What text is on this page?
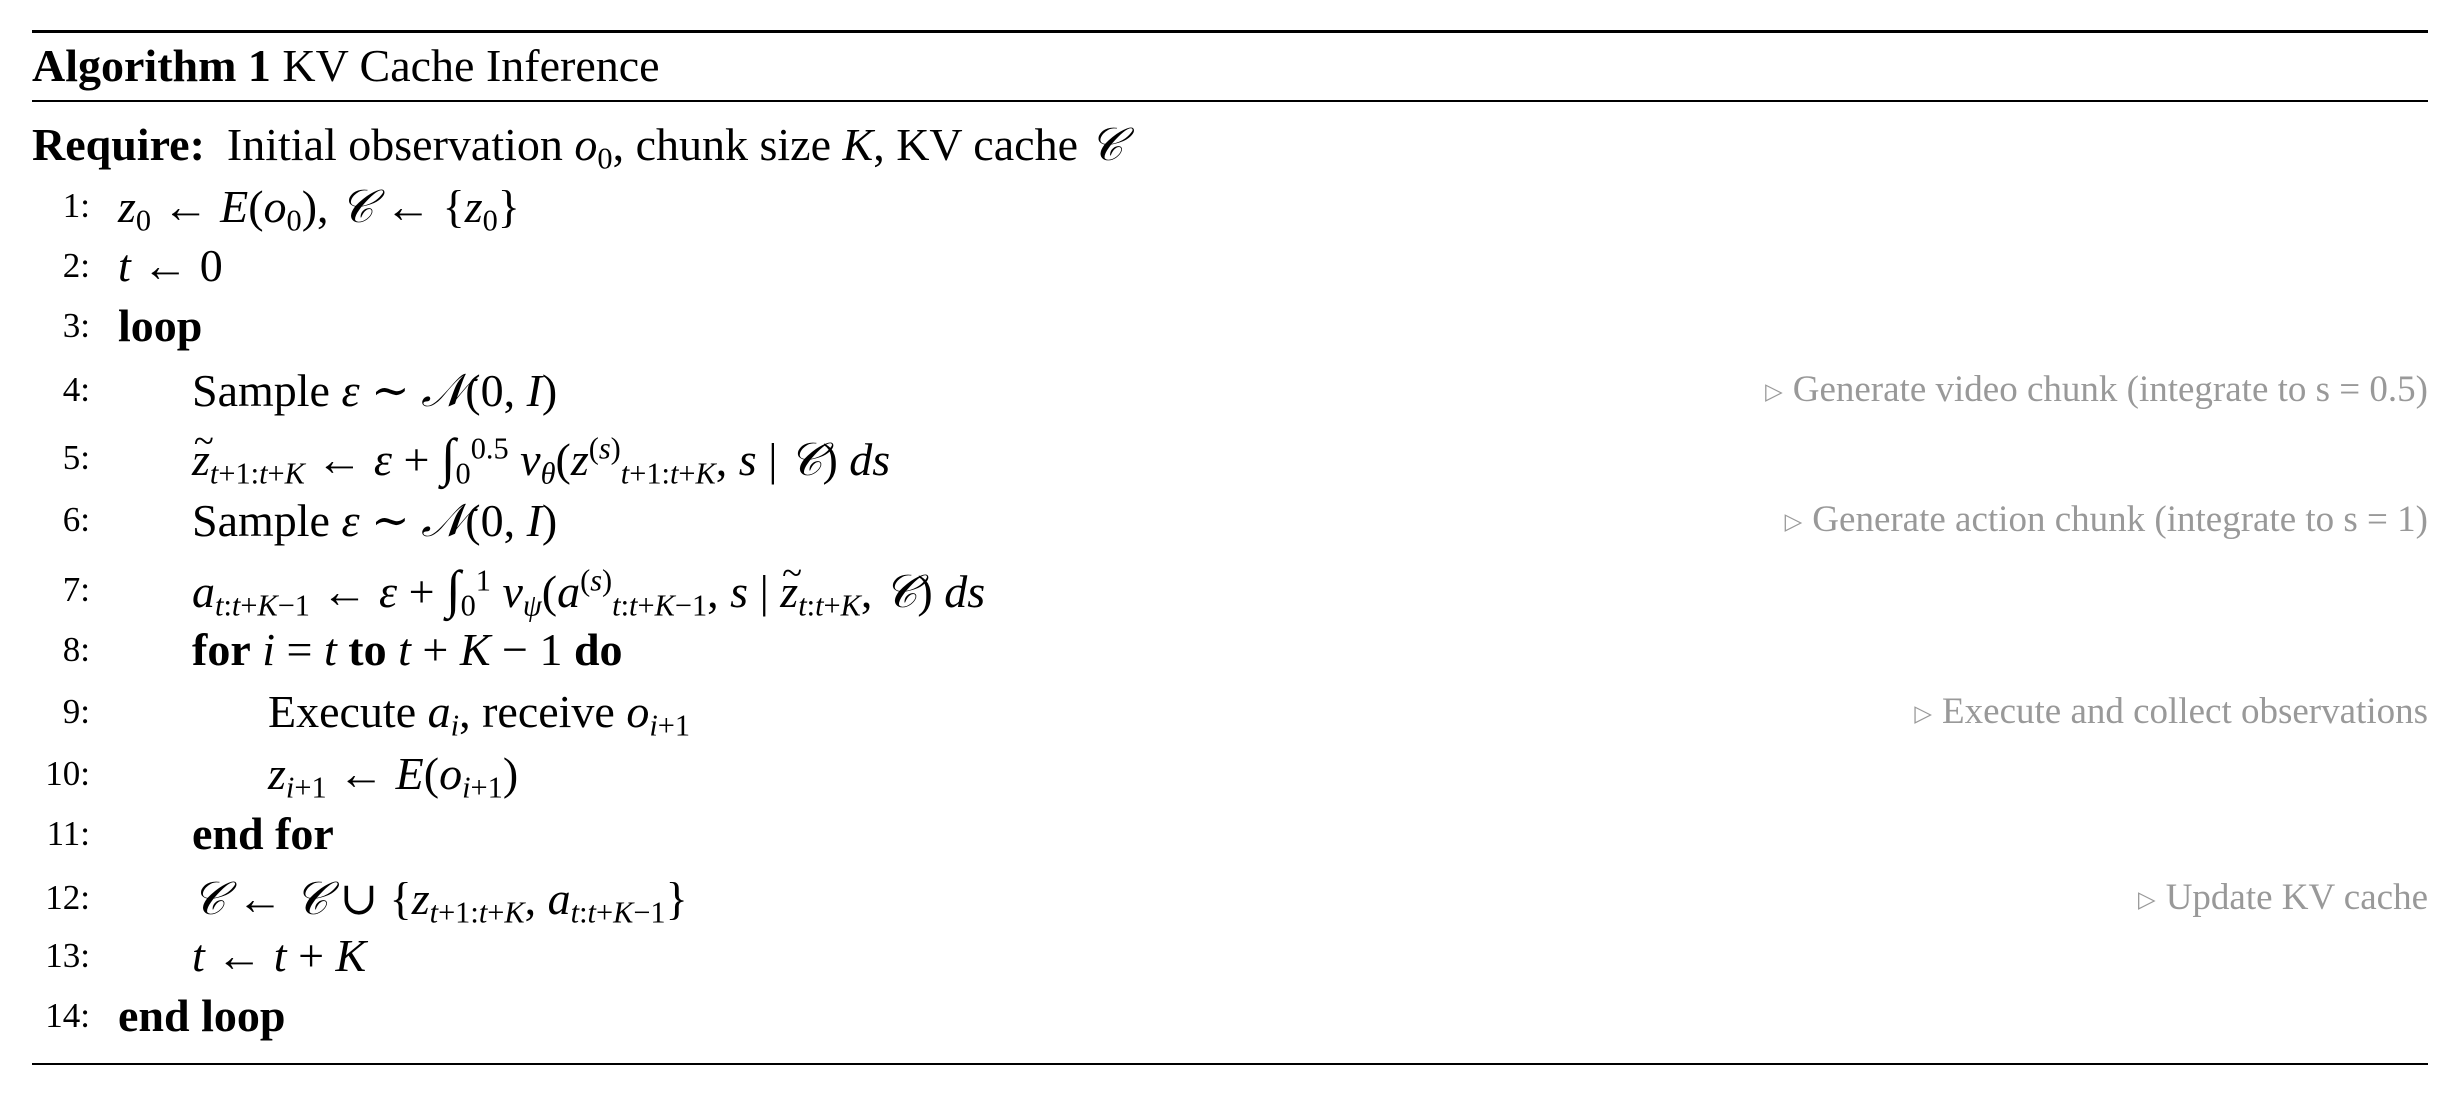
Algorithm 1 KV Cache Inference
Require: Initial observation $o_0$, chunk size K, KV cache 𝒞
1: $z_0$ ← $E(o_0)$, 𝒞 ← $\{z_0\}$
2: t ← 0
3: loop
4: Sample ε ∼ 𝒩(0, I)	▷ Generate video chunk (integrate to s = 0.5)
5:
~ $z_{t+1:t+K}$ ← $\varepsilon + \int_0^{0.5}$ $v_\theta(z^{(s)}_{t+1:t+K}$, s | 𝒞) ds
6: Sample ε ∼ 𝒩(0, I)	▷ Generate action chunk (integrate to s = 1)
7: $a_{t:t+K-1}$ ← $\varepsilon + \int_0^1$ $v_\psi(a^{(s)}_{t:t+K-1}$, s | ~ $z_{t:t+K}$, 𝒞) ds
8: for i = t to t + K − 1 do
9:	Execute $a_i$, receive $o_{i+1}$	▷ Execute and collect observations
10:	$z_{i+1}$ ← $E(o_{i+1})$
11: end for
12: 𝒞 ← 𝒞 ∪ {$z_{t+1:t+K}$, $a_{t:t+K-1}$}	▷ Update KV cache
13: t ← t + K
14: end loop
